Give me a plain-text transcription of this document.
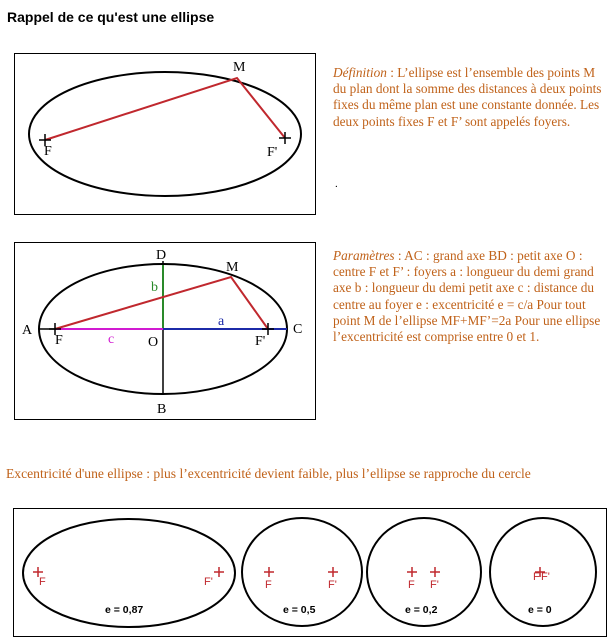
Rappel de ce qu'est une ellipse
M
F	F'
Définition : L’ellipse est l’ensemble des points M du plan dont la somme des distances à deux points fixes du même plan est une constante donnée. Les deux points fixes F et F’ sont appelés foyers.
.
A	C
D
B
O
M
F	F'
a
b
c
Paramètres : AC : grand axe BD : petit axe O : centre F et F’ : foyers a : longueur du demi grand axe b : longueur du demi petit axe c : distance du centre au foyer e : excentricité e = c/a Pour tout point M de l’ellipse MF+MF’=2a Pour une ellipse l’excentricité est comprise entre 0 et 1.
Excentricité d'une ellipse : plus l’excentricité devient faible, plus l’ellipse se rapproche du cercle
F	F'
e = 0,87
F	F'
e = 0,5
F F'
e = 0,2
F F'
e = 0
